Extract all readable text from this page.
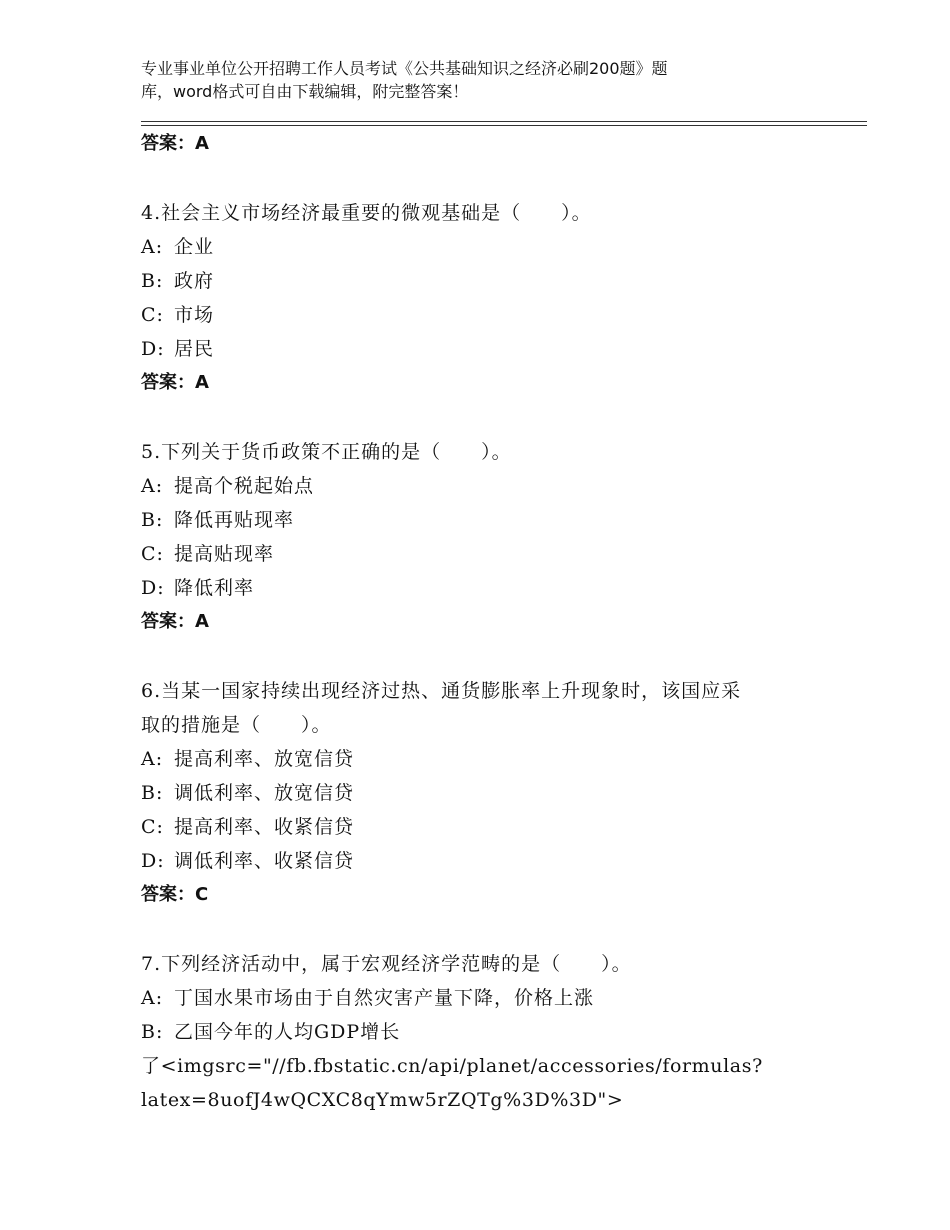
专业事业单位公开招聘工作人员考试《公共基础知识之经济必刷200题》题
库，word格式可自由下载编辑，附完整答案！
答案：A
4.社会主义市场经济最重要的微观基础是（　　）。
A: 企业
B: 政府
C: 市场
D: 居民
答案：A
5.下列关于货币政策不正确的是（　　）。
A: 提高个税起始点
B: 降低再贴现率
C: 提高贴现率
D: 降低利率
答案：A
6.当某一国家持续出现经济过热、通货膨胀率上升现象时，该国应采
取的措施是（　　）。
A: 提高利率、放宽信贷
B: 调低利率、放宽信贷
C: 提高利率、收紧信贷
D: 调低利率、收紧信贷
答案：C
7.下列经济活动中，属于宏观经济学范畴的是（　　）。
A: 丁国水果市场由于自然灾害产量下降，价格上涨
B: 乙国今年的人均GDP增长
了<imgsrc="//fb.fbstatic.cn/api/planet/accessories/formulas?
latex=8uofJ4wQCXC8qYmw5rZQTg%3D%3D">
